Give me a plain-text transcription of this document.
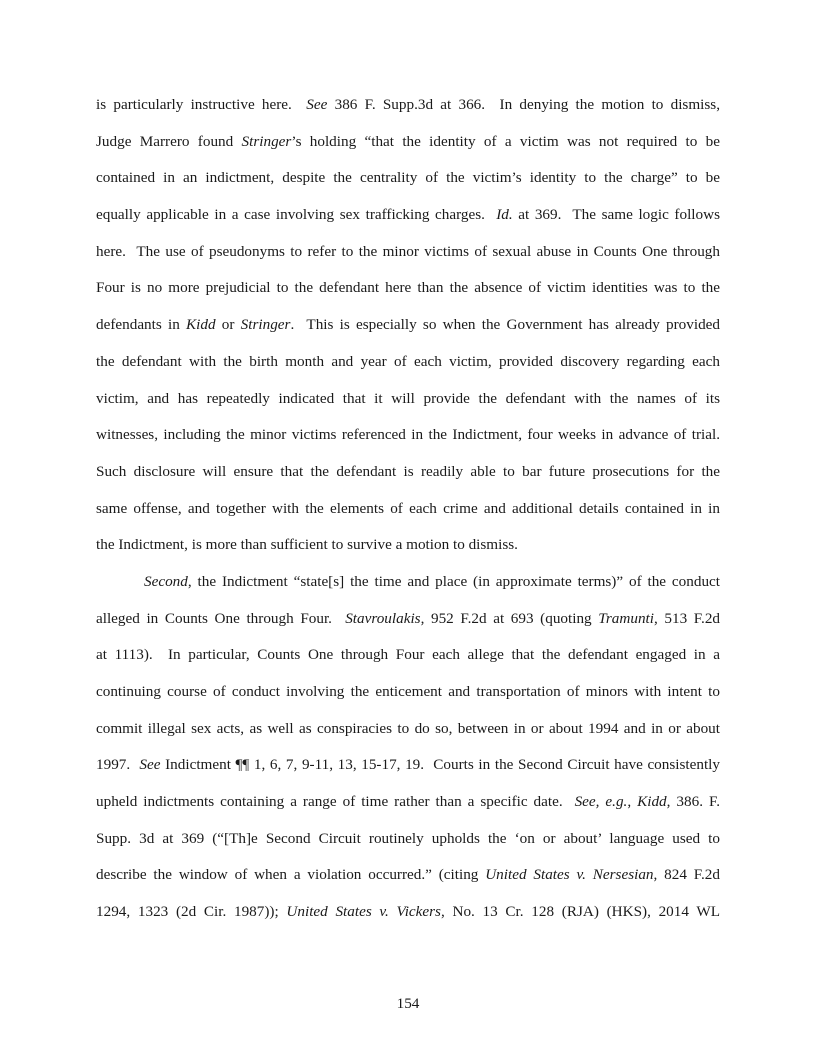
is particularly instructive here.  See 386 F. Supp.3d at 366.  In denying the motion to dismiss,
Judge Marrero found Stringer’s holding “that the identity of a victim was not required to be
contained in an indictment, despite the centrality of the victim’s identity to the charge” to be
equally applicable in a case involving sex trafficking charges.  Id. at 369.  The same logic follows
here.  The use of pseudonyms to refer to the minor victims of sexual abuse in Counts One through
Four is no more prejudicial to the defendant here than the absence of victim identities was to the
defendants in Kidd or Stringer.  This is especially so when the Government has already provided
the defendant with the birth month and year of each victim, provided discovery regarding each
victim, and has repeatedly indicated that it will provide the defendant with the names of its
witnesses, including the minor victims referenced in the Indictment, four weeks in advance of trial.
Such disclosure will ensure that the defendant is readily able to bar future prosecutions for the
same offense, and together with the elements of each crime and additional details contained in in
the Indictment, is more than sufficient to survive a motion to dismiss.
Second, the Indictment “state[s] the time and place (in approximate terms)” of the conduct
alleged in Counts One through Four.  Stavroulakis, 952 F.2d at 693 (quoting Tramunti, 513 F.2d
at 1113).  In particular, Counts One through Four each allege that the defendant engaged in a
continuing course of conduct involving the enticement and transportation of minors with intent to
commit illegal sex acts, as well as conspiracies to do so, between in or about 1994 and in or about
1997.  See Indictment ¶¶ 1, 6, 7, 9-11, 13, 15-17, 19.  Courts in the Second Circuit have consistently
upheld indictments containing a range of time rather than a specific date.  See, e.g., Kidd, 386. F.
Supp. 3d at 369 (“[Th]e Second Circuit routinely upholds the ‘on or about’ language used to
describe the window of when a violation occurred.” (citing United States v. Nersesian, 824 F.2d
1294, 1323 (2d Cir. 1987)); United States v. Vickers, No. 13 Cr. 128 (RJA) (HKS), 2014 WL
154
